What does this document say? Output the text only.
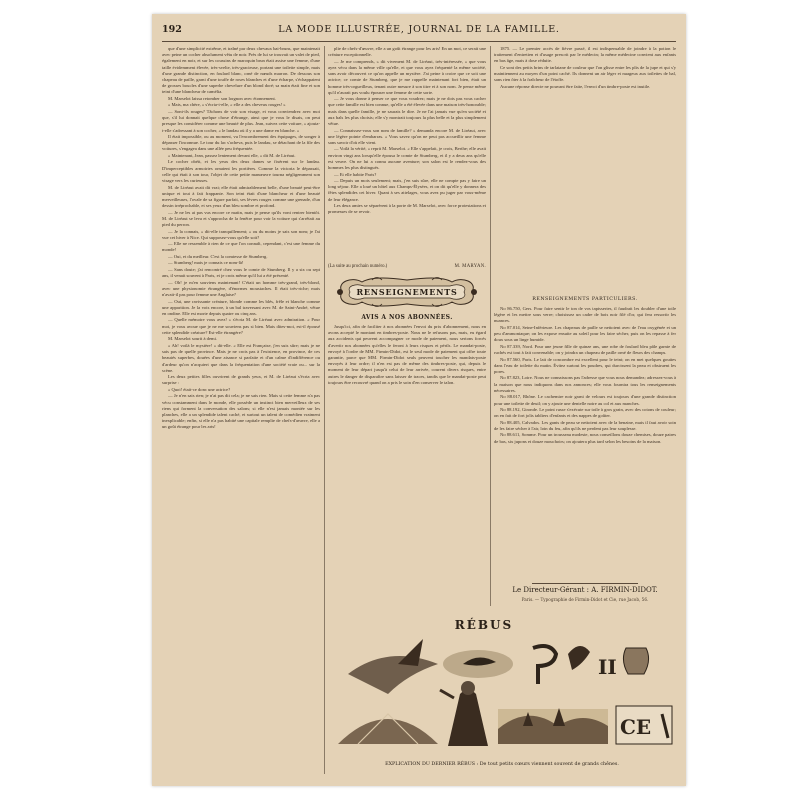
192	LA MODE ILLUSTRÉE, JOURNAL DE LA FAMILLE.

que d'une simplicité extrême, et traîné par deux chevaux bai-bruns, que maintenait avec peine un cocher absolument vêtu de noir. Près de lui se trouvait un valet de pied, également en noir, et sur les coussins de maroquin brun était assise une femme, d'une taille évidemment élevée, très-svelte, très-gracieuse, portant une toilette simple, mais d'une grande distinction, en foulard blanc, orné de nœuds marron. De dessous son chapeau de paille, garni d'une touffe de roses blanches et d'une écharpe, s'échappaient de grosses boucles d'une superbe chevelure d'un blond doré; sa main était fine et son teint d'une blancheur de camélia.

M. Marselot laissa retomber son lorgnon avec étonnement.

« Mais, ma chère, » s'écria-t-elle, « elle a des cheveux rouges! »

— Sont-ils rouges? Tâchons de voir son visage, et vous conviendrez avec moi que, s'il lui donnait quelque chose d'étrange, ainsi que je vous le disais, on peut presque les considérer comme une beauté de plus. Jean, suivez cette voiture, » ajouta-t-elle s'adressant à son cocher, « le landau où il y a une dame en blanche. »

Il était impossible, ou au moment, vu l'encombrement des équipages, de songer à dépasser l'inconnue. Le tour du lac s'acheva, puis le landau, se détachant de la file des voitures, s'engagea dans une allée peu fréquentée.

« Maintenant, Jean, passez lentement devant elle, » dit M. de Liréaut.

Le cocher obéit, et les yeux des deux dames se fixèrent sur le landau. D'imperceptibles armoiries ornaient les portières. Comme la victoria le dépassait, celle qui était à son tour, l'objet de cette petite manœuvre tourna négligemment son visage vers les curieuses.

M. de Liréaut avait dit vrai; elle était admirablement belle, d'une beauté peut-être unique et tout à fait frappante. Son teint était d'une blancheur et d'une beauté merveilleuses, l'ovale de sa figure parfait, ses lèvres rouges comme une grenade, d'un dessin irréprochable, et ses yeux d'un bleu sombre et profond.

— Je ne les ai pas vus encore ce matin, mais je pense qu'ils vont rentrer bientôt. M. de Liréaut se leva et s'approcha de la fenêtre pour voir la voiture qui s'arrêtait au pied du perron.

— Je la connais, » dit-elle tranquillement; « ou du moins je sais son nom; je l'ai vue cet hiver à Nice. Qui supposez-vous qu'elle soit?

— Elle ne ressemble à rien de ce que l'on connaît, cependant, c'est une femme du monde!

— Oui, et du meilleur. C'est la comtesse de Stumberg.

— Stumberg! mais je connais ce nom-là!

— Sans doute; j'ai rencontré chez vous le comte de Stumberg. Il y a six ou sept ans, il venait souvent à Paris, et je crois même qu'il lui a été présenté.

— Oh! je m'en souviens maintenant! C'était un homme très-grand, très-blond, avec une physionomie étrangère, d'énormes moustaches. Il était très-riche; mais n'avait-il pas pour femme une Anglaise?

— Oui, une ravissante créature, blonde comme les blés, frêle et blanche comme une apparition. Je la vois encore, à un bal traversant avec M. de Saint-André, vêtue en ondine. Elle est morte depuis quatre ou cinq ans.

— Quelle mémoire vous avez! » s'écria M. de Liréaut avec admiration. « Pour moi, je vous avoue que je ne me souviens pas si bien. Mais dites-moi, est-il épousé cette splendide créature? Est-elle étrangère?

M. Marselot sourit à demi.

« Ah! voilà le mystère! » dit-elle. « Elle est Française, j'en suis sûre; mais je ne sais pas de quelle province. Mais je ne crois pas à l'existence, en province, de ces beautés superbes, douées d'une aisance si parfaite et d'un calme d'indifférence ou d'ardeur qu'on n'acquiert que dans la fréquentation d'une société vraie ou... sur la scène.

Les deux petites filles ouvrirent de grands yeux, et M. de Liréaut s'écria avec surprise :

« Quoi! était-ce donc une actrice?

— Je n'en sais rien; je n'ai pas dit cela; je ne sais rien. Mais si cette femme n'a pas vécu constamment dans le monde, elle possède un instinct bien merveilleux de ses riens qui forment la conversation des salons; si elle n'est jamais montée sur les planches, elle a un splendide talent caché, et surtout un talent de comédien vraiment inexplicable; enfin, si elle n'a pas habité une capitale remplie de chefs-d'œuvre, elle a un goût étrange pour les arts!

plie de chefs-d'œuvre, elle a un goût étrange pour les arts! En un mot, ce serait une créature exceptionnelle.

— Je me comprends, » dit vivement M. de Liréaut, très-intéressée, « que vous ayez vécu dans la même ville qu'elle, et que vous ayez fréquenté la même société, sans avoir découvert ce qu'on appelle un mystère. J'ai peine à croire que ce soit une actrice; ce comte de Stumberg, que je me rappelle maintenant fort bien, était un homme très-orgueilleux, tenant outre mesure à son titre et à son nom. Je pense même qu'il n'aurait pas voulu épouser une femme de cette sorte.

— Je vous donne à penser ce que vous voudrez; mais je ne dois pas vous cacher que cette famille est bien connue, qu'elle a été élevée dans une maison très-honorable; mais dans quelle famille, je ne saurais le dire. Je ne l'ai jamais vue qu'en société et aux bals les plus choisis; elle s'y montrait toujours la plus belle et la plus simplement vêtue.

— Connaissez-vous son nom de famille? » demanda encore M. de Liréaut, avec une légère pointe d'embarras. « Vous savez qu'on ne peut pas accueillir une femme sans savoir d'où elle vient.

— Voilà la vérité, » reprit M. Marselot. « Elle s'appelait, je crois, Berthe; elle avait environ vingt ans lorsqu'elle épousa le comte de Stumberg, et il y a deux ans qu'elle est veuve. On ne lui a connu aucune aventure; son salon est le rendez-vous des hommes les plus distingués.

— Et elle habite Paris?

— Depuis un mois seulement; mais, j'en suis sûre, elle ne compte pas y faire un long séjour. Elle a loué un hôtel aux Champs-Élysées, et on dit qu'elle y donnera des fêtes splendides cet hiver. Quant à ses attelages, vous avez pu juger par vous-même de leur élégance.

Les deux amies se séparèrent à la porte de M. Marselot, avec force protestations et promesses de se revoir.

(La suite au prochain numéro.)	M. MARYAN.

1875. — Le premier accès de fièvre passé, il est indispensable de joindre à la potion le traitement d'entretien et d'usage prescrit par le médecin; la même médecine convient aux enfants en bas âge, mais à dose réduite.

Ce sont des petits brins de tarlatane de couleur que l'on glisse entre les plis de la jupe et qui s'y maintiennent au moyen d'un point caché. Ils donnent un air léger et nuageux aux toilettes de bal, sans rien ôter à la fraîcheur de l'étoffe.

Aucune réponse directe ne pouvant être faite, l'envoi d'un timbre-poste est inutile.

RENSEIGNEMENTS
AVIS A NOS ABONNÉES.

Jusqu'ici, afin de faciliter à nos abonnées l'envoi du prix d'abonnement, nous en avons accepté le montant en timbres-poste. Nous ne le refusons pas, mais, eu égard aux accidents qui peuvent accompagner ce mode de paiement, nous serions forcés d'avertir nos abonnées qu'elles le feront à leurs risques et périls. Le mandat-poste, envoyé à l'ordre de MM. Firmin-Didot, est le seul mode de paiement qui offre toute garantie, parce que MM. Firmin-Didot seuls peuvent toucher les mandats-poste envoyés à leur ordre; il n'en est pas de même des timbres-poste, qui, depuis le moment de leur départ jusqu'à celui de leur arrivée, courent divers risques, entre autres le danger de disparaître sans laisser de traces, tandis que le mandat-poste peut toujours être recouvré quand on a pris le soin d'en conserver le talon.

RENSEIGNEMENTS PARTICULIERS.

No 86.750, Gers. Pour faire sentir le ton de vos tapisseries, il faudrait les doubler d'une toile légère et les mettre sous verre; choisissez un cadre de bois noir filé d'or, qui fera ressortir les nuances.

No 87.014, Seine-Inférieure. Les chapeaux de paille se nettoient avec de l'eau oxygénée et un peu d'ammoniaque; on les expose ensuite au soleil pour les faire sécher, puis on les repasse à fer doux sous un linge humide.

No 87.339, Nord. Pour une jeune fille de quinze ans, une robe de foulard bleu pâle garnie de ruchés est tout à fait convenable; on y joindra un chapeau de paille orné de fleurs des champs.

No 87.560, Paris. Le lait de concombre est excellent pour le teint; on en met quelques gouttes dans l'eau de toilette du matin. Évitez surtout les poudres, qui durcissent la peau et obstruent les pores.

No 87.823, Loire. Nous ne connaissons pas l'adresse que vous nous demandez; adressez-vous à la maison que nous indiquons dans nos annonces; elle vous fournira tous les renseignements nécessaires.

No 88.017, Rhône. Le cachemire noir garni de velours est toujours d'une grande distinction pour une toilette de deuil; on y ajoute une dentelle noire au col et aux manches.

No 88.192, Gironde. Le point russe s'exécute sur toile à gros grain, avec des cotons de couleur; on en fait de fort jolis tabliers d'enfants et des nappes de goûter.

No 88.405, Calvados. Les gants de peau se nettoient avec de la benzine, mais il faut avoir soin de les faire sécher à l'air, loin du feu, afin qu'ils ne perdent pas leur souplesse.

No 88.611, Somme. Pour un trousseau modeste, nous conseillons douze chemises, douze paires de bas, six jupons et douze mouchoirs; on ajoutera plus tard selon les besoins de la maison.

Le Directeur-Gérant : A. FIRMIN-DIDOT.
Paris. — Typographie de Firmin-Didot et Cie, rue Jacob, 56.
RÉBUS
II
CE
EXPLICATION DU DERNIER RÉBUS : De tout petits cœurs viennent souvent de grands chênes.
